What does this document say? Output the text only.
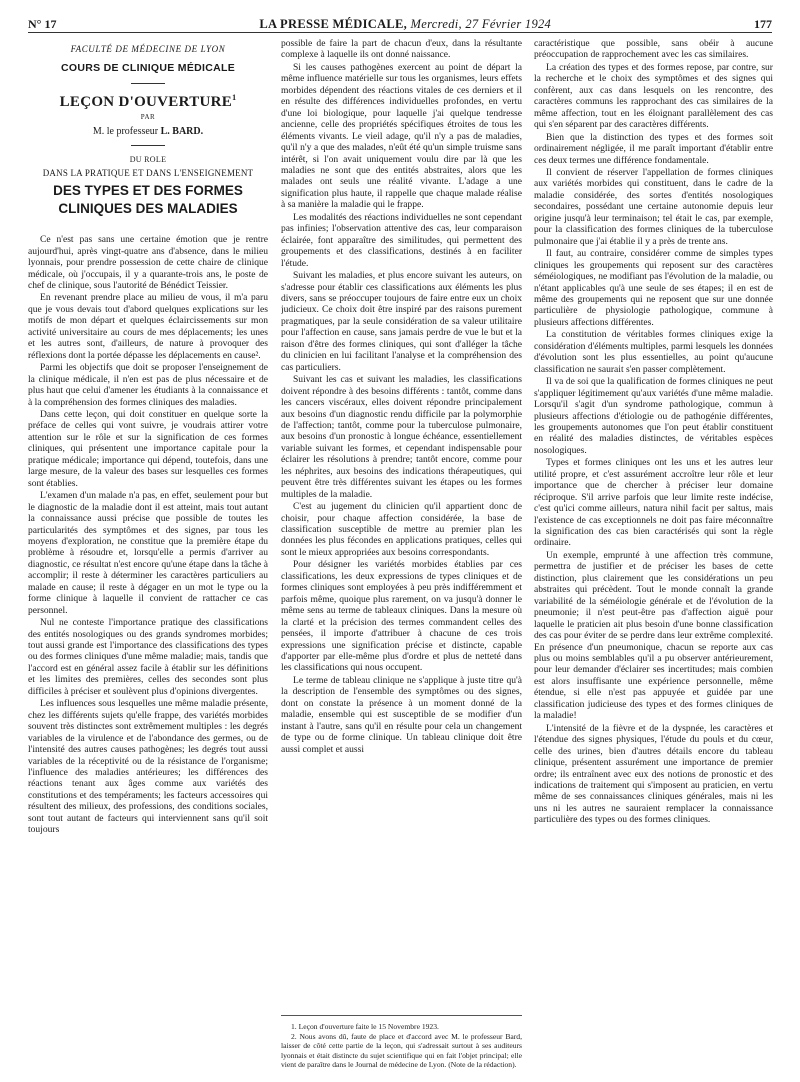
N° 17	LA PRESSE MÉDICALE, Mercredi, 27 Février 1924	177
FACULTÉ DE MÉDECINE DE LYON
COURS DE CLINIQUE MÉDICALE
LEÇON D'OUVERTURE$^1$
PAR
M. le professeur L. BARD.
DU ROLE
DANS LA PRATIQUE ET DANS L'ENSEIGNEMENT
DES TYPES ET DES FORMES CLINIQUES DES MALADIES

Ce n'est pas sans une certaine émotion que je rentre aujourd'hui, après vingt-quatre ans d'absence, dans le milieu lyonnais, pour prendre possession de cette chaire de clinique médicale, où j'occupais, il y a quarante-trois ans, le poste de chef de clinique, sous l'autorité de Bénédict Teissier.

En revenant prendre place au milieu de vous, il m'a paru que je vous devais tout d'abord quelques explications sur les motifs de mon départ et quelques éclaircissements sur mon activité universitaire au cours de mes déplacements; les unes et les autres sont, d'ailleurs, de nature à provoquer des réflexions dont la portée dépasse les déplacements en cause².

Parmi les objectifs que doit se proposer l'enseignement de la clinique médicale, il n'en est pas de plus nécessaire et de plus haut que celui d'amener les étudiants à la connaissance et à la compréhension des formes cliniques des maladies.

Dans cette leçon, qui doit constituer en quelque sorte la préface de celles qui vont suivre, je voudrais attirer votre attention sur le rôle et sur la signification de ces formes cliniques, qui présentent une importance capitale pour la pratique médicale; importance qui dépend, toutefois, dans une large mesure, de la valeur des bases sur lesquelles ces formes sont établies.

L'examen d'un malade n'a pas, en effet, seulement pour but le diagnostic de la maladie dont il est atteint, mais tout autant la connaissance aussi précise que possible de toutes les particularités des symptômes et des signes, par tous les moyens d'exploration, ne constitue que la première étape du problème à résoudre et, lorsqu'elle a permis d'arriver au diagnostic, ce résultat n'est encore qu'une étape dans la tâche à accomplir; il reste à déterminer les caractères particuliers au malade en cause; il reste à dégager en un mot le type ou la forme clinique à laquelle il convient de rattacher ce cas personnel.

Nul ne conteste l'importance pratique des classifications des entités nosologiques ou des grands syndromes morbides; tout aussi grande est l'importance des classifications des types ou des formes cliniques d'une même maladie; mais, tandis que l'accord est en général assez facile à établir sur les définitions et les limites des premières, celles des secondes sont plus difficiles à préciser et soulèvent plus d'opinions divergentes.

Les influences sous lesquelles une même maladie présente, chez les différents sujets qu'elle frappe, des variétés morbides souvent très distinctes sont extrêmement multiples : les degrés variables de la virulence et de l'abondance des germes, ou de l'intensité des autres causes pathogènes; les degrés tout aussi variables de la réceptivité ou de la résistance de l'organisme; l'influence des maladies antérieures; les différences des réactions tenant aux âges comme aux variétés des constitutions et des tempéraments; les facteurs accessoires qui résultent des milieux, des professions, des conditions sociales, sont tout autant de facteurs qui interviennent sans qu'il soit toujours

possible de faire la part de chacun d'eux, dans la résultante complexe à laquelle ils ont donné naissance.

Si les causes pathogènes exercent au point de départ la même influence matérielle sur tous les organismes, leurs effets morbides dépendent des réactions vitales de ces derniers et il en résulte des différences individuelles profondes, en vertu d'une loi biologique, pour laquelle j'ai quelque tendresse ancienne, celle des propriétés spécifiques étroites de tous les éléments vivants. Le vieil adage, qu'il n'y a pas de maladies, qu'il n'y a que des malades, n'eût été qu'un simple truisme sans intérêt, si l'on avait uniquement voulu dire par là que les maladies ne sont que des entités abstraites, alors que les malades ont seuls une réalité vivante. L'adage a une signification plus haute, il rappelle que chaque malade réalise à sa manière la maladie qui le frappe.

Les modalités des réactions individuelles ne sont cependant pas infinies; l'observation attentive des cas, leur comparaison éclairée, font apparaître des similitudes, qui permettent des groupements et des classifications, destinés à en faciliter l'étude.

Suivant les maladies, et plus encore suivant les auteurs, on s'adresse pour établir ces classifications aux éléments les plus divers, sans se préoccuper toujours de faire entre eux un choix judicieux. Ce choix doit être inspiré par des raisons purement pragmatiques, par la seule considération de sa valeur utilitaire pour l'affection en cause, sans jamais perdre de vue le but et la raison d'être des formes cliniques, qui sont d'alléger la tâche du clinicien en lui facilitant l'analyse et la compréhension des cas particuliers.

Suivant les cas et suivant les maladies, les classifications doivent répondre à des besoins différents : tantôt, comme dans les cancers viscéraux, elles doivent répondre principalement aux besoins d'un diagnostic rendu difficile par la polymorphie de l'affection; tantôt, comme pour la tuberculose pulmonaire, aux besoins d'un pronostic à longue échéance, essentiellement variable suivant les formes, et cependant indispensable pour éclairer les résolutions à prendre; tantôt encore, comme pour les néphrites, aux besoins des indications thérapeutiques, qui peuvent être très différentes suivant les étapes ou les formes multiples de la maladie.

C'est au jugement du clinicien qu'il appartient donc de choisir, pour chaque affection considérée, la base de classification susceptible de mettre au premier plan les données les plus fécondes en applications pratiques, celles qui sont le mieux appropriées aux besoins correspondants.

Pour désigner les variétés morbides établies par ces classifications, les deux expressions de types cliniques et de formes cliniques sont employées à peu près indifféremment et parfois même, quoique plus rarement, on va jusqu'à donner le même sens au terme de tableaux cliniques. Dans la mesure où la clarté et la précision des termes commandent celles des pensées, il importe d'attribuer à chacune de ces trois expressions une signification précise et distincte, capable d'apporter par elle-même plus d'ordre et plus de netteté dans les classifications qui nous occupent.

Le terme de tableau clinique ne s'applique à juste titre qu'à la description de l'ensemble des symptômes ou des signes, dont on constate la présence à un moment donné de la maladie, ensemble qui est susceptible de se modifier d'un instant à l'autre, sans qu'il en résulte pour cela un changement de type ou de forme clinique. Un tableau clinique doit être aussi complet et aussi

1. Leçon d'ouverture faite le 15 Novembre 1923.

2. Nous avons dû, faute de place et d'accord avec M. le professeur Bard, laisser de côté cette partie de la leçon, qui s'adressait surtout à ses auditeurs lyonnais et était distincte du sujet scientifique qui en fait l'objet principal; elle vient de paraître dans le Journal de médecine de Lyon. (Note de la rédaction).

caractéristique que possible, sans obéir à aucune préoccupation de rapprochement avec les cas similaires.

La création des types et des formes repose, par contre, sur la recherche et le choix des symptômes et des signes qui confèrent, aux cas dans lesquels on les rencontre, des caractères communs les rapprochant des cas similaires de la même affection, tout en les éloignant parallèlement des cas qui s'en séparent par des caractères différents.

Bien que la distinction des types et des formes soit ordinairement négligée, il me paraît important d'établir entre ces deux termes une différence fondamentale.

Il convient de réserver l'appellation de formes cliniques aux variétés morbides qui constituent, dans le cadre de la maladie considérée, des sortes d'entités nosologiques secondaires, possédant une certaine autonomie depuis leur origine jusqu'à leur terminaison; tel était le cas, par exemple, pour la classification des formes cliniques de la tuberculose pulmonaire que j'ai établie il y a près de trente ans.

Il faut, au contraire, considérer comme de simples types cliniques les groupements qui reposent sur des caractères séméiologiques, ne modifiant pas l'évolution de la maladie, ou n'étant applicables qu'à une seule de ses étapes; il en est de même des groupements qui ne reposent que sur une donnée particulière de physiologie pathologique, commune à plusieurs affections différentes.

La constitution de véritables formes cliniques exige la considération d'éléments multiples, parmi lesquels les données d'évolution sont les plus essentielles, au point qu'aucune classification ne saurait s'en passer complètement.

Il va de soi que la qualification de formes cliniques ne peut s'appliquer légitimement qu'aux variétés d'une même maladie. Lorsqu'il s'agit d'un syndrome pathologique, commun à plusieurs affections d'étiologie ou de pathogénie différentes, les groupements autonomes que l'on peut établir constituent en réalité des maladies distinctes, de véritables espèces nosologiques.

Types et formes cliniques ont les uns et les autres leur utilité propre, et c'est assurément accroître leur rôle et leur importance que de chercher à préciser leur domaine réciproque. S'il arrive parfois que leur limite reste indécise, c'est qu'ici comme ailleurs, natura nihil facit per saltus, mais l'existence de cas exceptionnels ne doit pas faire méconnaître la signification des cas bien caractérisés qui sont la règle ordinaire.

Un exemple, emprunté à une affection très commune, permettra de justifier et de préciser les bases de cette distinction, plus clairement que les considérations un peu abstraites qui précèdent. Tout le monde connaît la grande variabilité de la séméiologie générale et de l'évolution de la pneumonie; il n'est peut-être pas d'affection aiguë pour laquelle le praticien ait plus besoin d'une bonne classification des cas pour éviter de se perdre dans leur extrême complexité. En présence d'un pneumonique, chacun se reporte aux cas plus ou moins semblables qu'il a pu observer antérieurement, pour leur demander d'éclairer ses incertitudes; mais combien est alors insuffisante une expérience personnelle, même étendue, si elle n'est pas appuyée et guidée par une classification judicieuse des types et des formes cliniques de la maladie!

L'intensité de la fièvre et de la dyspnée, les caractères et l'étendue des signes physiques, l'étude du pouls et du cœur, celle des urines, bien d'autres détails encore du tableau clinique, présentent assurément une importance de premier ordre; ils entraînent avec eux des notions de pronostic et des indications de traitement qui s'imposent au praticien, en vertu même de ses connaissances cliniques générales, mais ni les uns ni les autres ne sauraient remplacer la connaissance particulière des types ou des formes cliniques.
